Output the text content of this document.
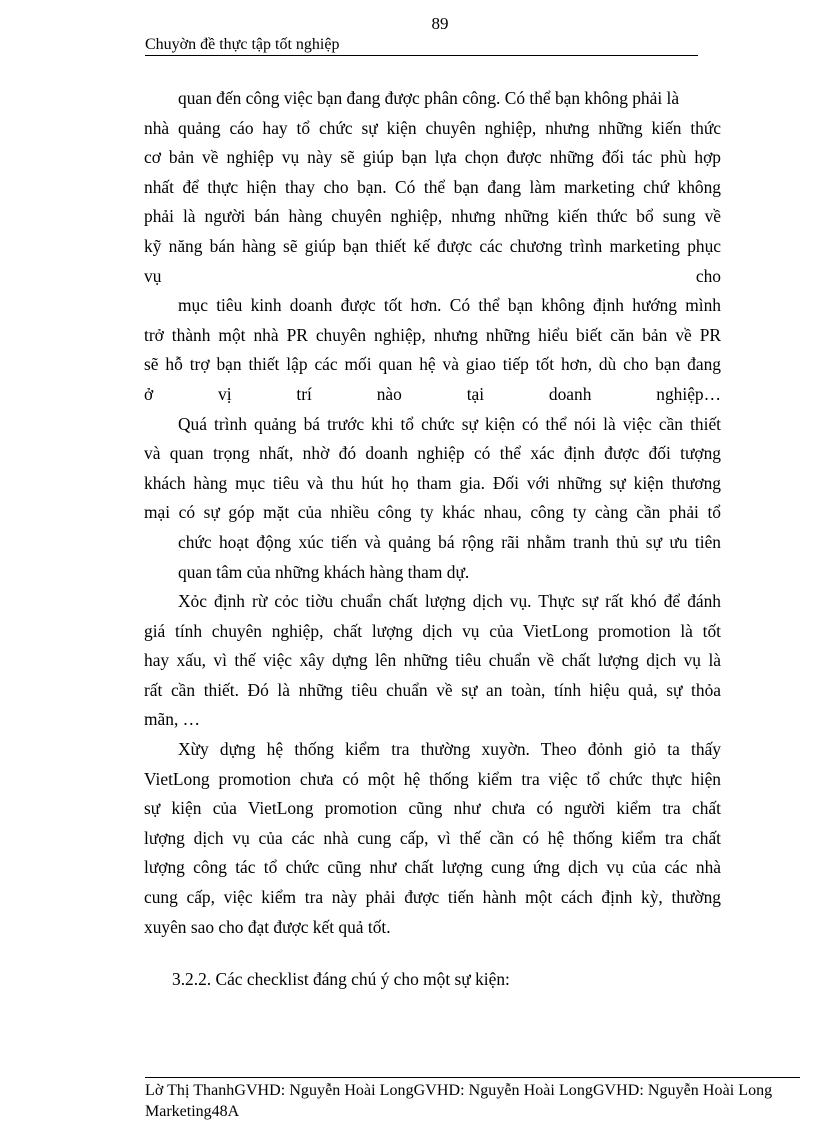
89
Chuyờn đề thực tập tốt nghiệp
quan đến công việc bạn đang được phân công. Có thể bạn không phải là
nhà quảng cáo hay tổ chức sự kiện chuyên nghiệp, nhưng những kiến thức
cơ bản về nghiệp vụ này sẽ giúp bạn lựa chọn được những đối tác phù hợp
nhất để thực hiện thay cho bạn. Có thể bạn đang làm marketing chứ không
phải là người bán hàng chuyên nghiệp, nhưng những kiến thức bổ sung về
kỹ năng bán hàng sẽ giúp bạn thiết kế được các chương trình marketing phục
vụ cho
mục tiêu kinh doanh được tốt hơn. Có thể bạn không định hướng mình
trở thành một nhà PR chuyên nghiệp, nhưng những hiểu biết căn bản về PR
sẽ hỗ trợ bạn thiết lập các mối quan hệ và giao tiếp tốt hơn, dù cho bạn đang
ở vị trí nào tại doanh nghiệp…
Quá trình quảng bá trước khi tổ chức sự kiện có thể nói là việc cần thiết
và quan trọng nhất, nhờ đó doanh nghiệp có thể xác định được đối tượng
khách hàng mục tiêu và thu hút họ tham gia. Đối với những sự kiện thương
mại có sự góp mặt của nhiều công ty khác nhau, công ty càng cần phải tổ
chức hoạt động xúc tiến và quảng bá rộng rãi nhằm tranh thủ sự ưu tiên
quan tâm của những khách hàng tham dự.
Xỏc định rừ cỏc tiờu chuẩn chất lượng dịch vụ. Thực sự rất khó để đánh
giá tính chuyên nghiệp, chất lượng dịch vụ của VietLong promotion là tốt
hay xấu, vì thế việc xây dựng lên những tiêu chuẩn về chất lượng dịch vụ là
rất cần thiết. Đó là những tiêu chuẩn về sự an toàn, tính hiệu quả, sự thỏa
mãn, …
Xừy dựng hệ thống kiểm tra thường xuyờn. Theo đỏnh giỏ ta thấy
VietLong promotion chưa có một hệ thống kiểm tra việc tổ chức thực hiện
sự kiện của VietLong promotion cũng như chưa có người kiểm tra chất
lượng dịch vụ của các nhà cung cấp, vì thế cần có hệ thống kiểm tra chất
lượng công tác tổ chức cũng như chất lượng cung ứng dịch vụ của các nhà
cung cấp, việc kiểm tra này phải được tiến hành một cách định kỳ, thường
xuyên sao cho đạt được kết quả tốt.
3.2.2. Các checklist đáng chú ý cho một sự kiện:
Lờ Thị ThanhGVHD: Nguyễn Hoài LongGVHD: Nguyễn Hoài LongGVHD: Nguyễn Hoài Long
Marketing48A
